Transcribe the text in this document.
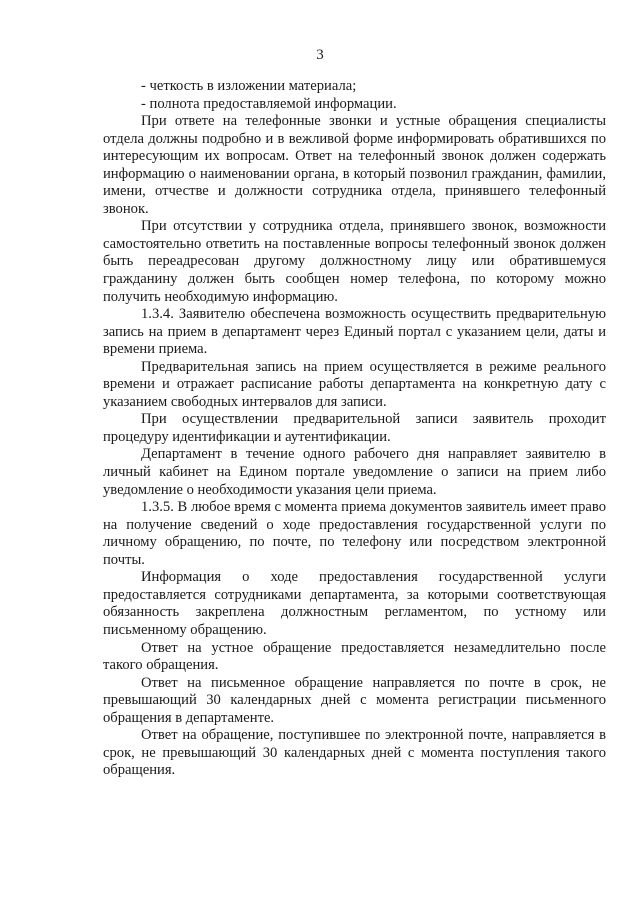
3

- четкость в изложении материала;

- полнота предоставляемой информации.

При ответе на телефонные звонки и устные обращения специалисты отдела должны подробно и в вежливой форме информировать обратившихся по интересующим их вопросам. Ответ на телефонный звонок должен содержать информацию о наименовании органа, в который позвонил гражданин, фамилии, имени, отчестве и должности сотрудника отдела, принявшего телефонный звонок.

При отсутствии у сотрудника отдела, принявшего звонок, возможности самостоятельно ответить на поставленные вопросы телефонный звонок должен быть переадресован другому должностному лицу или обратившемуся гражданину должен быть сообщен номер телефона, по которому можно получить необходимую информацию.

1.3.4. Заявителю обеспечена возможность осуществить предварительную запись на прием в департамент через Единый портал с указанием цели, даты и времени приема.

Предварительная запись на прием осуществляется в режиме реального времени и отражает расписание работы департамента на конкретную дату с указанием свободных интервалов для записи.

При осуществлении предварительной записи заявитель проходит процедуру идентификации и аутентификации.

Департамент в течение одного рабочего дня направляет заявителю в личный кабинет на Едином портале уведомление о записи на прием либо уведомление о необходимости указания цели приема.

1.3.5. В любое время с момента приема документов заявитель имеет право на получение сведений о ходе предоставления государственной услуги по личному обращению, по почте, по телефону или посредством электронной почты.

Информация о ходе предоставления государственной услуги предоставляется сотрудниками департамента, за которыми соответствующая обязанность закреплена должностным регламентом, по устному или письменному обращению.

Ответ на устное обращение предоставляется незамедлительно после такого обращения.

Ответ на письменное обращение направляется по почте в срок, не превышающий 30 календарных дней с момента регистрации письменного обращения в департаменте.

Ответ на обращение, поступившее по электронной почте, направляется в срок, не превышающий 30 календарных дней с момента поступления такого обращения.
